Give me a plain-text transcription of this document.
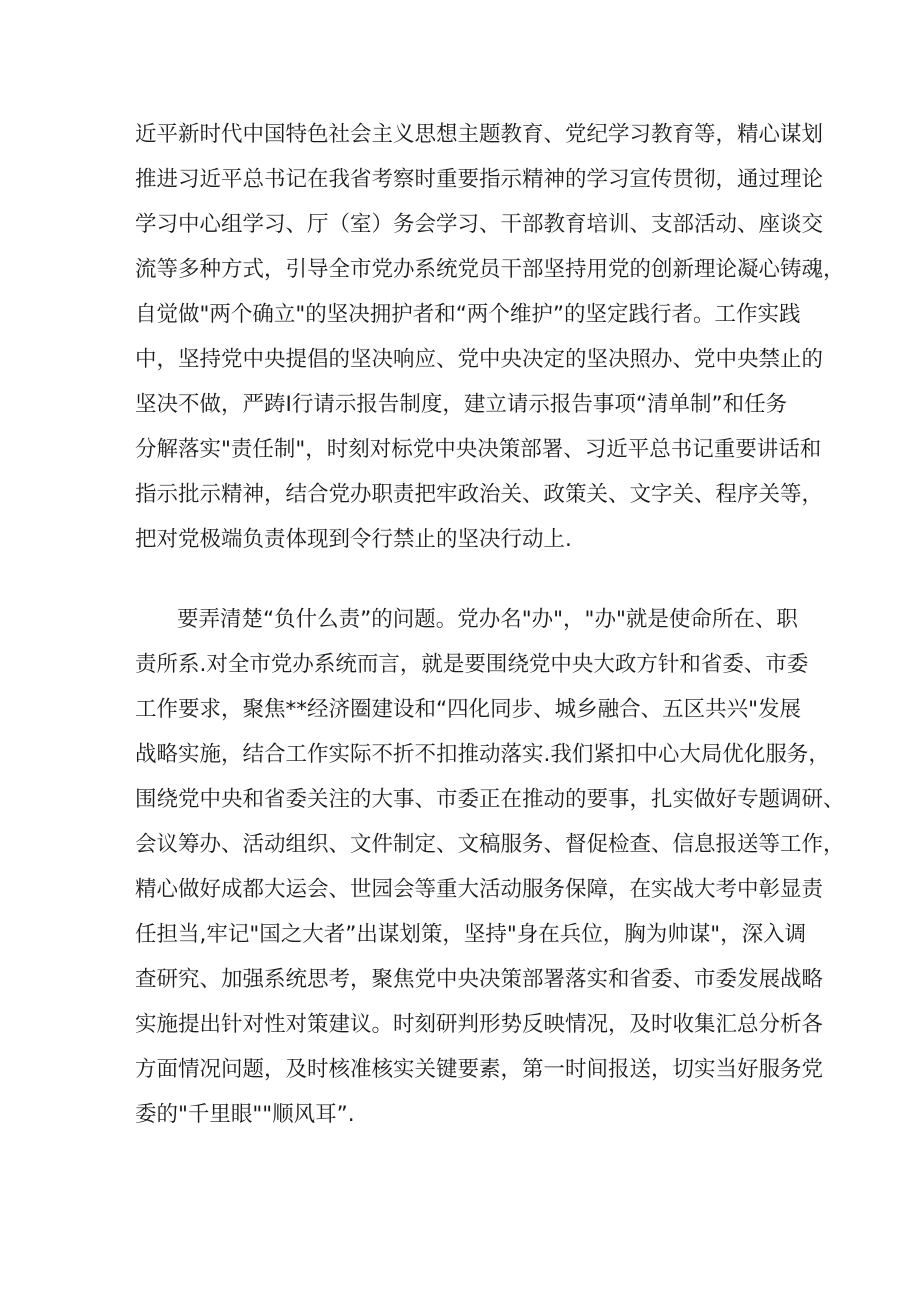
近平新时代中国特色社会主义思想主题教育、党纪学习教育等，精心谋划
推进习近平总书记在我省考察时重要指示精神的学习宣传贯彻，通过理论
学习中心组学习、厅（室）务会学习、干部教育培训、支部活动、座谈交
流等多种方式，引导全市党办系统党员干部坚持用党的创新理论凝心铸魂，
自觉做"两个确立"的坚决拥护者和“两个维护”的坚定践行者。工作实践
中，坚持党中央提倡的坚决响应、党中央决定的坚决照办、党中央禁止的
坚决不做，严踌I行请示报告制度，建立请示报告事项“清单制”和任务
分解落实"责任制"，时刻对标党中央决策部署、习近平总书记重要讲话和
指示批示精神，结合党办职责把牢政治关、政策关、文字关、程序关等，
把对党极端负责体现到令行禁止的坚决行动上.
要弄清楚“负什么责”的问题。党办名"办"，"办"就是使命所在、职
责所系.对全市党办系统而言，就是要围绕党中央大政方针和省委、市委
工作要求，聚焦**经济圈建设和“四化同步、城乡融合、五区共兴"发展
战略实施，结合工作实际不折不扣推动落实.我们紧扣中心大局优化服务，
围绕党中央和省委关注的大事、市委正在推动的要事，扎实做好专题调研、
会议筹办、活动组织、文件制定、文稿服务、督促检查、信息报送等工作，
精心做好成都大运会、世园会等重大活动服务保障，在实战大考中彰显责
任担当,牢记"国之大者”出谋划策，坚持"身在兵位，胸为帅谋"，深入调
查研究、加强系统思考，聚焦党中央决策部署落实和省委、市委发展战略
实施提出针对性对策建议。时刻研判形势反映情况，及时收集汇总分析各
方面情况问题，及时核准核实关键要素，第一时间报送，切实当好服务党
委的"千里眼""顺风耳”.
